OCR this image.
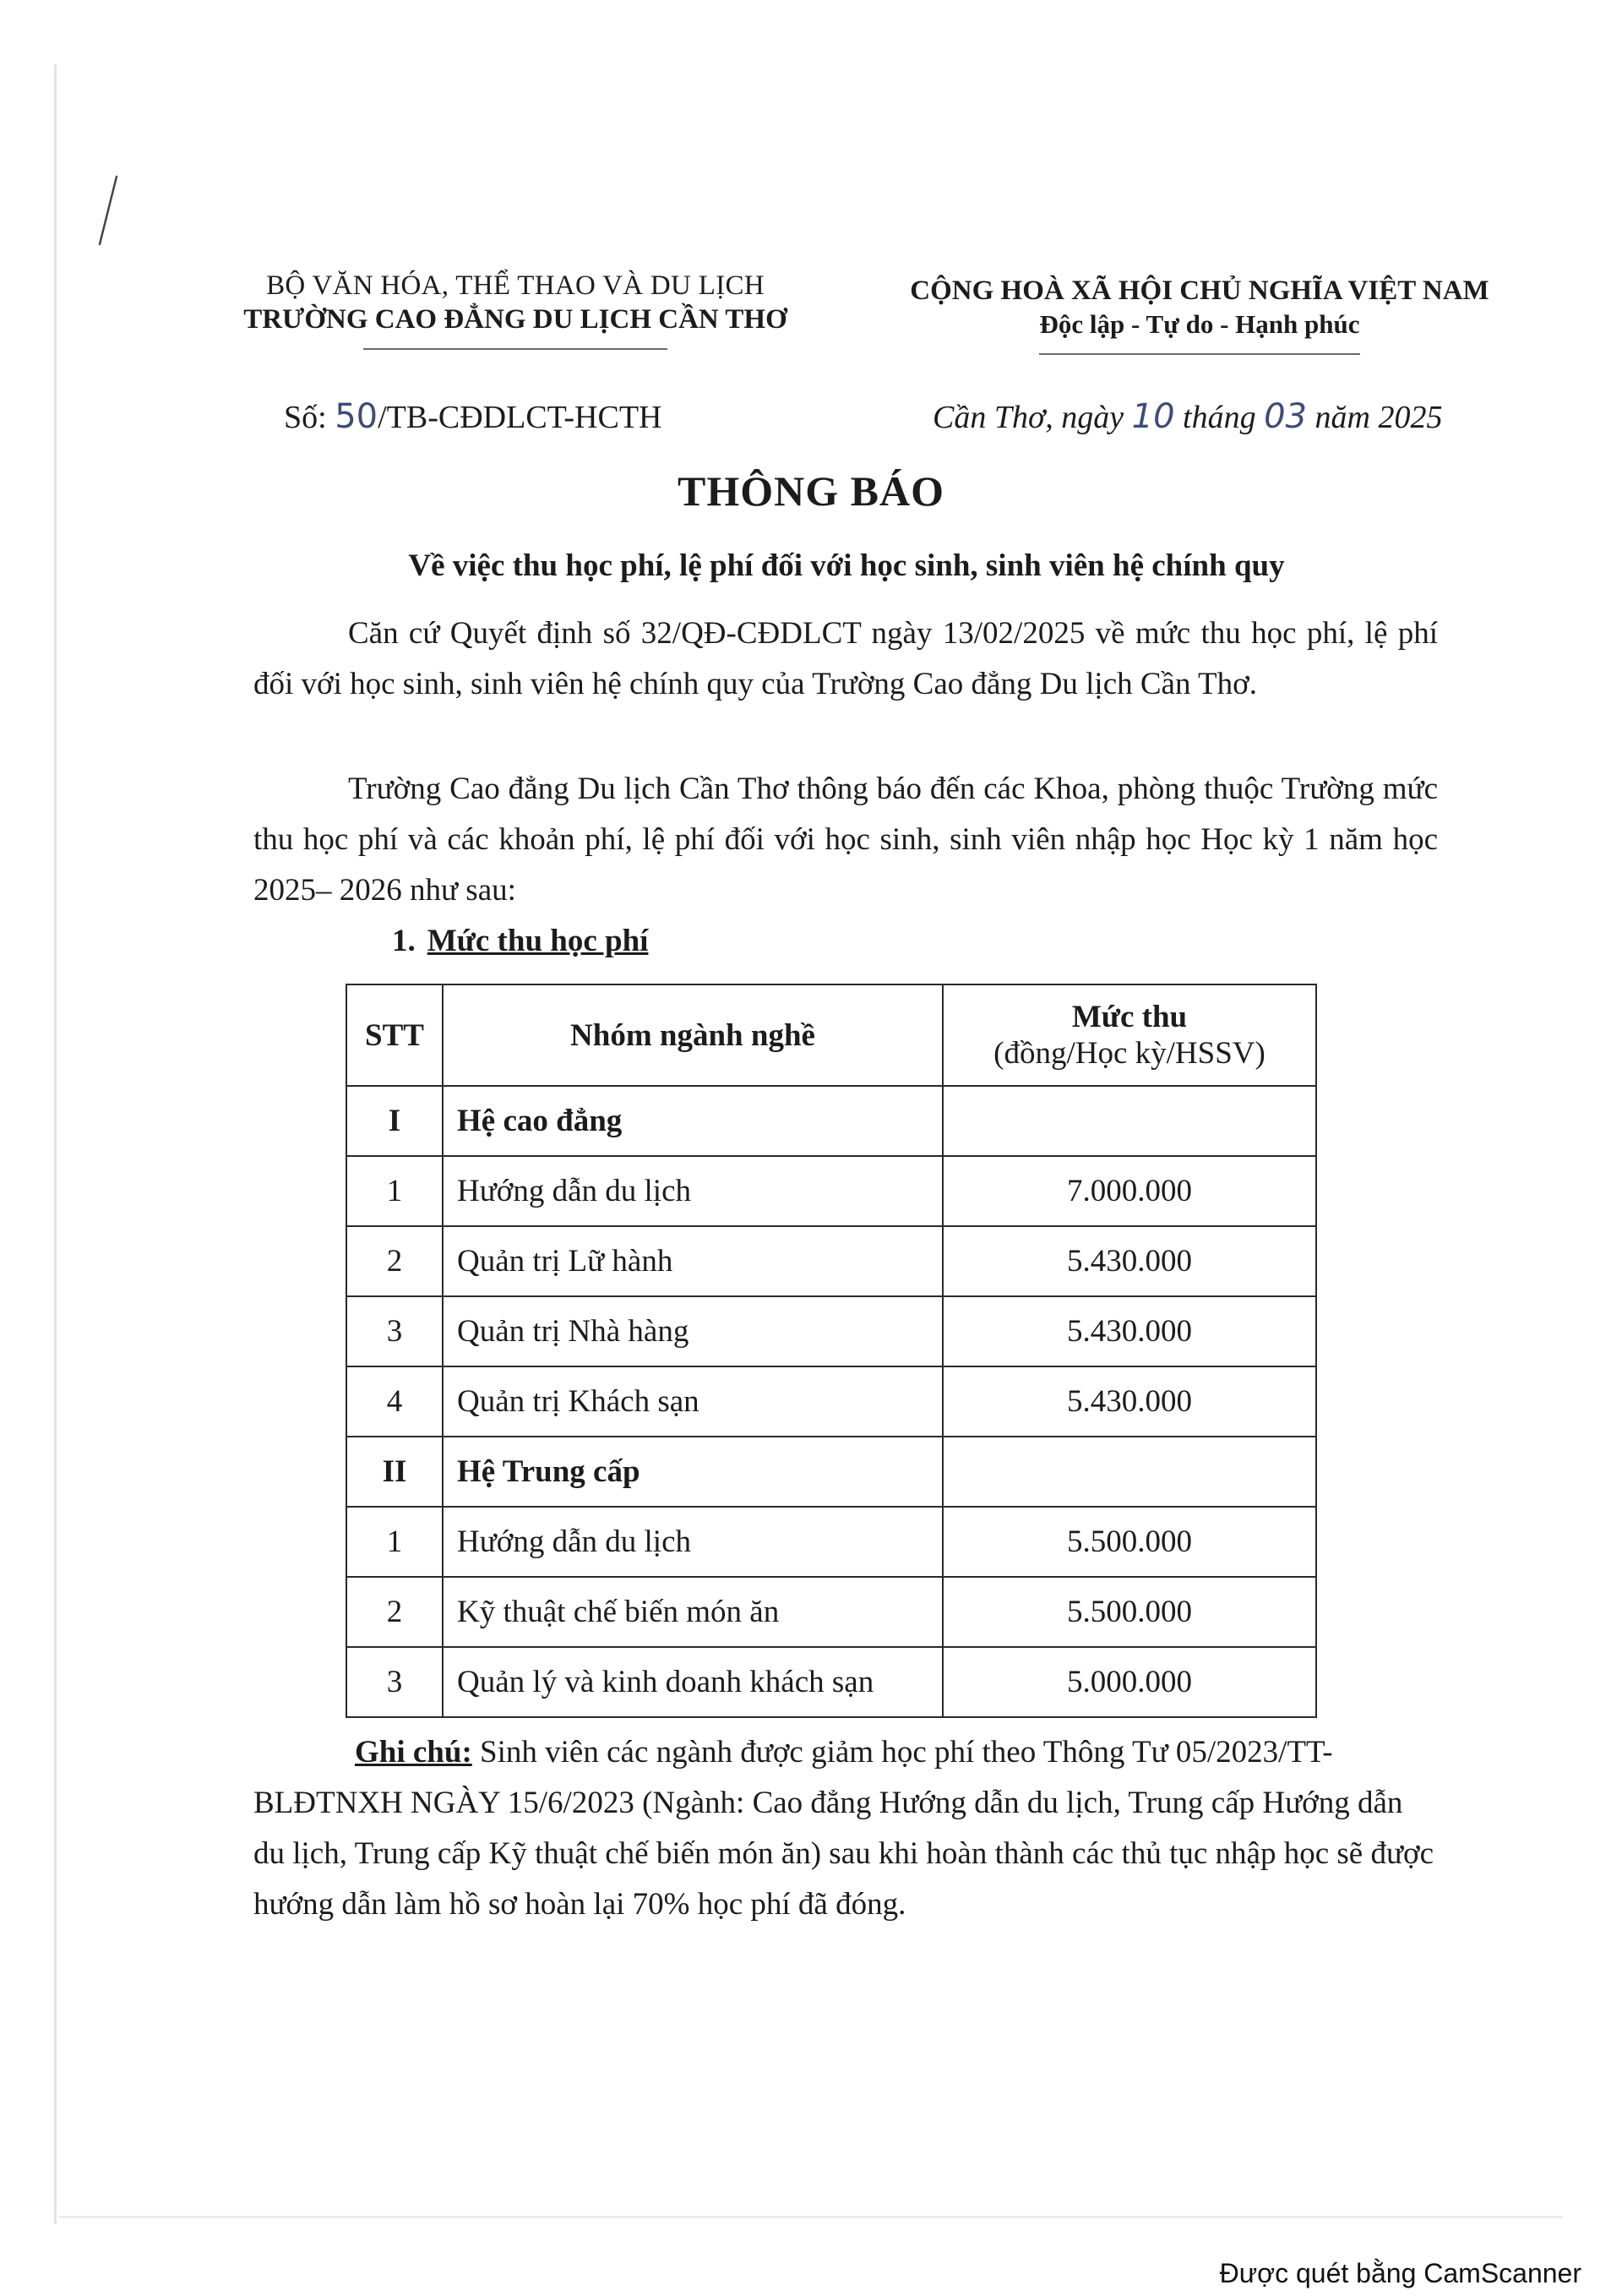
BỘ VĂN HÓA, THỂ THAO VÀ DU LỊCH
TRƯỜNG CAO ĐẲNG DU LỊCH CẦN THƠ
CỘNG HOÀ XÃ HỘI CHỦ NGHĨA VIỆT NAM
Độc lập - Tự do - Hạnh phúc
Số: 50/TB-CĐDLCT-HCTH	Cần Thơ, ngày 10 tháng 03 năm 2025
THÔNG BÁO
Về việc thu học phí, lệ phí đối với học sinh, sinh viên hệ chính quy

Căn cứ Quyết định số 32/QĐ-CĐDLCT ngày 13/02/2025 về mức thu học phí, lệ phí đối với học sinh, sinh viên hệ chính quy của Trường Cao đẳng Du lịch Cần Thơ.

Trường Cao đẳng Du lịch Cần Thơ thông báo đến các Khoa, phòng thuộc Trường mức thu học phí và các khoản phí, lệ phí đối với học sinh, sinh viên nhập học Học kỳ 1 năm học 2025– 2026 như sau:

1. Mức thu học phí
STT	Nhóm ngành nghề	Mức thu
(đồng/Học kỳ/HSSV)

I	Hệ cao đẳng	
1	Hướng dẫn du lịch	7.000.000
2	Quản trị Lữ hành	5.430.000
3	Quản trị Nhà hàng	5.430.000
4	Quản trị Khách sạn	5.430.000
II	Hệ Trung cấp	
1	Hướng dẫn du lịch	5.500.000
2	Kỹ thuật chế biến món ăn	5.500.000
3	Quản lý và kinh doanh khách sạn	5.000.000

Ghi chú: Sinh viên các ngành được giảm học phí theo Thông Tư 05/2023/TT-BLĐTNXH NGÀY 15/6/2023 (Ngành: Cao đẳng Hướng dẫn du lịch, Trung cấp Hướng dẫn du lịch, Trung cấp Kỹ thuật chế biến món ăn) sau khi hoàn thành các thủ tục nhập học sẽ được hướng dẫn làm hồ sơ hoàn lại 70% học phí đã đóng.

Được quét bằng CamScanner
